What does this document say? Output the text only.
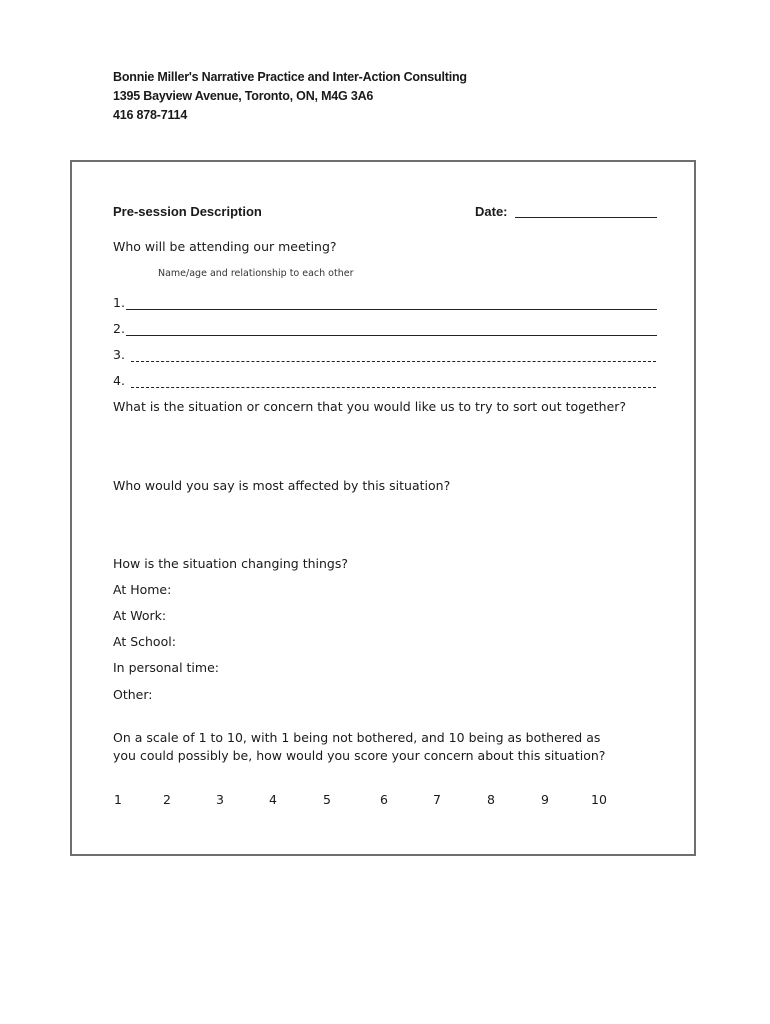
Bonnie Miller's Narrative Practice and Inter-Action Consulting
1395 Bayview Avenue, Toronto, ON, M4G 3A6
416 878-7114
Pre-session Description	Date:
Who will be attending our meeting?
Name/age and relationship to each other
1.
2.
3.
4.
What is the situation or concern that you would like us to try to sort out together?
Who would you say is most affected by this situation?
How is the situation changing things?
At Home:
At Work:
At School:
In personal time:
Other:
On a scale of 1 to 10, with 1 being not bothered, and 10 being as bothered as
you could possibly be, how would you score your concern about this situation?
1	2	3	4	5	6	7	8	9	10
